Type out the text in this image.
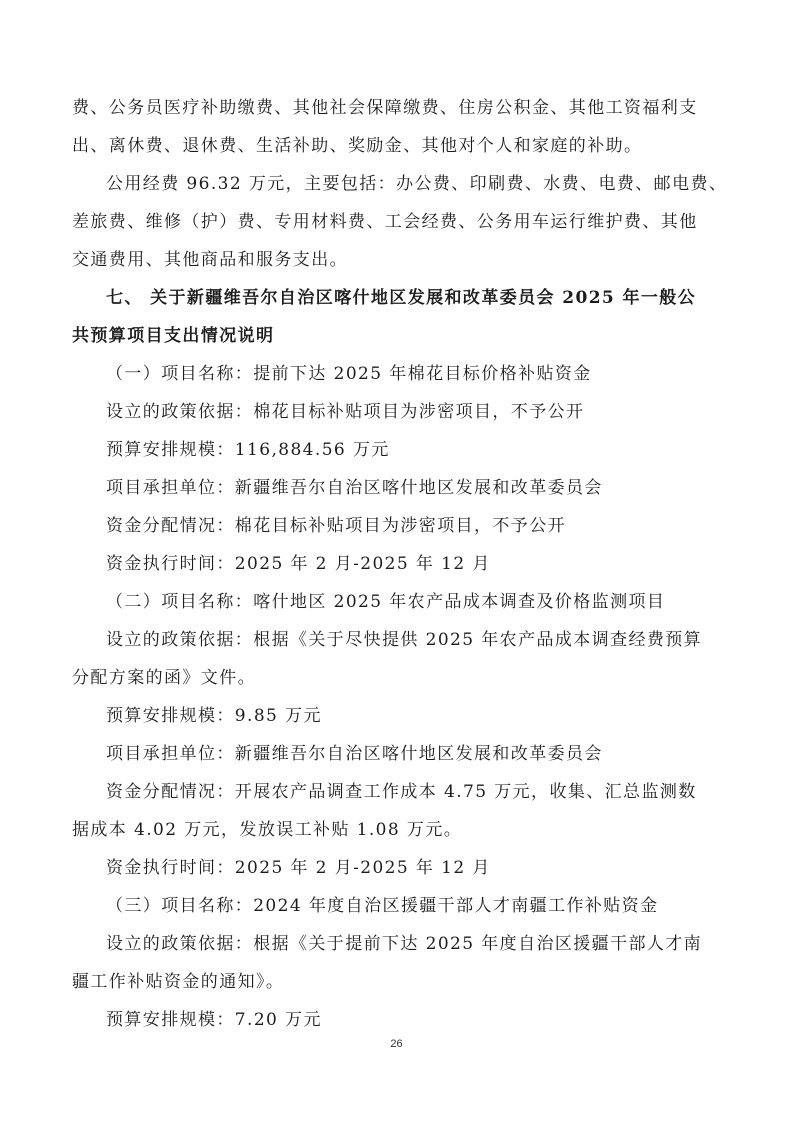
费、公务员医疗补助缴费、其他社会保障缴费、住房公积金、其他工资福利支
出、离休费、退休费、生活补助、奖励金、其他对个人和家庭的补助。
公用经费 96.32 万元，主要包括：办公费、印刷费、水费、电费、邮电费、
差旅费、维修（护）费、专用材料费、工会经费、公务用车运行维护费、其他
交通费用、其他商品和服务支出。
七、 关于新疆维吾尔自治区喀什地区发展和改革委员会 2025 年一般公
共预算项目支出情况说明
（一）项目名称：提前下达 2025 年棉花目标价格补贴资金
设立的政策依据：棉花目标补贴项目为涉密项目，不予公开
预算安排规模：116,884.56 万元
项目承担单位：新疆维吾尔自治区喀什地区发展和改革委员会
资金分配情况：棉花目标补贴项目为涉密项目，不予公开
资金执行时间：2025 年 2 月-2025 年 12 月
（二）项目名称：喀什地区 2025 年农产品成本调查及价格监测项目
设立的政策依据：根据《关于尽快提供 2025 年农产品成本调查经费预算
分配方案的函》文件。
预算安排规模：9.85 万元
项目承担单位：新疆维吾尔自治区喀什地区发展和改革委员会
资金分配情况：开展农产品调查工作成本 4.75 万元，收集、汇总监测数
据成本 4.02 万元，发放误工补贴 1.08 万元。
资金执行时间：2025 年 2 月-2025 年 12 月
（三）项目名称：2024 年度自治区援疆干部人才南疆工作补贴资金
设立的政策依据：根据《关于提前下达 2025 年度自治区援疆干部人才南
疆工作补贴资金的通知》。
预算安排规模：7.20 万元
26
